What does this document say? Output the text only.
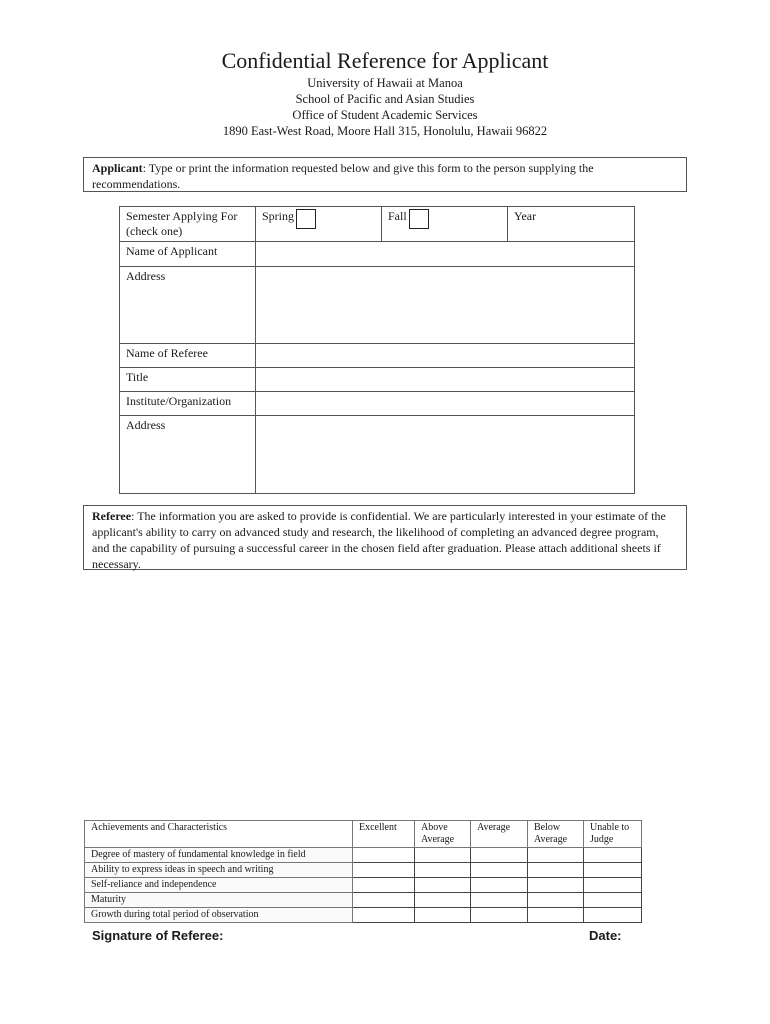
Confidential Reference for Applicant
University of Hawaii at Manoa
School of Pacific and Asian Studies
Office of Student Academic Services
1890 East-West Road, Moore Hall 315, Honolulu, Hawaii 96822
Applicant: Type or print the information requested below and give this form to the person supplying the recommendations.
Semester Applying For (check one)	Spring	Fall	Year
Name of Applicant			
Address			
Name of Referee			
Title			
Institute/Organization			
Address			
Referee: The information you are asked to provide is confidential. We are particularly interested in your estimate of the applicant's ability to carry on advanced study and research, the likelihood of completing an advanced degree program, and the capability of pursuing a successful career in the chosen field after graduation. Please attach additional sheets if necessary.
Achievements and Characteristics	Excellent	Above Average	Average	Below Average	Unable to Judge
Degree of mastery of fundamental knowledge in field					
Ability to express ideas in speech and writing					
Self-reliance and independence					
Maturity					
Growth during total period of observation					
Signature of Referee:	Date:
